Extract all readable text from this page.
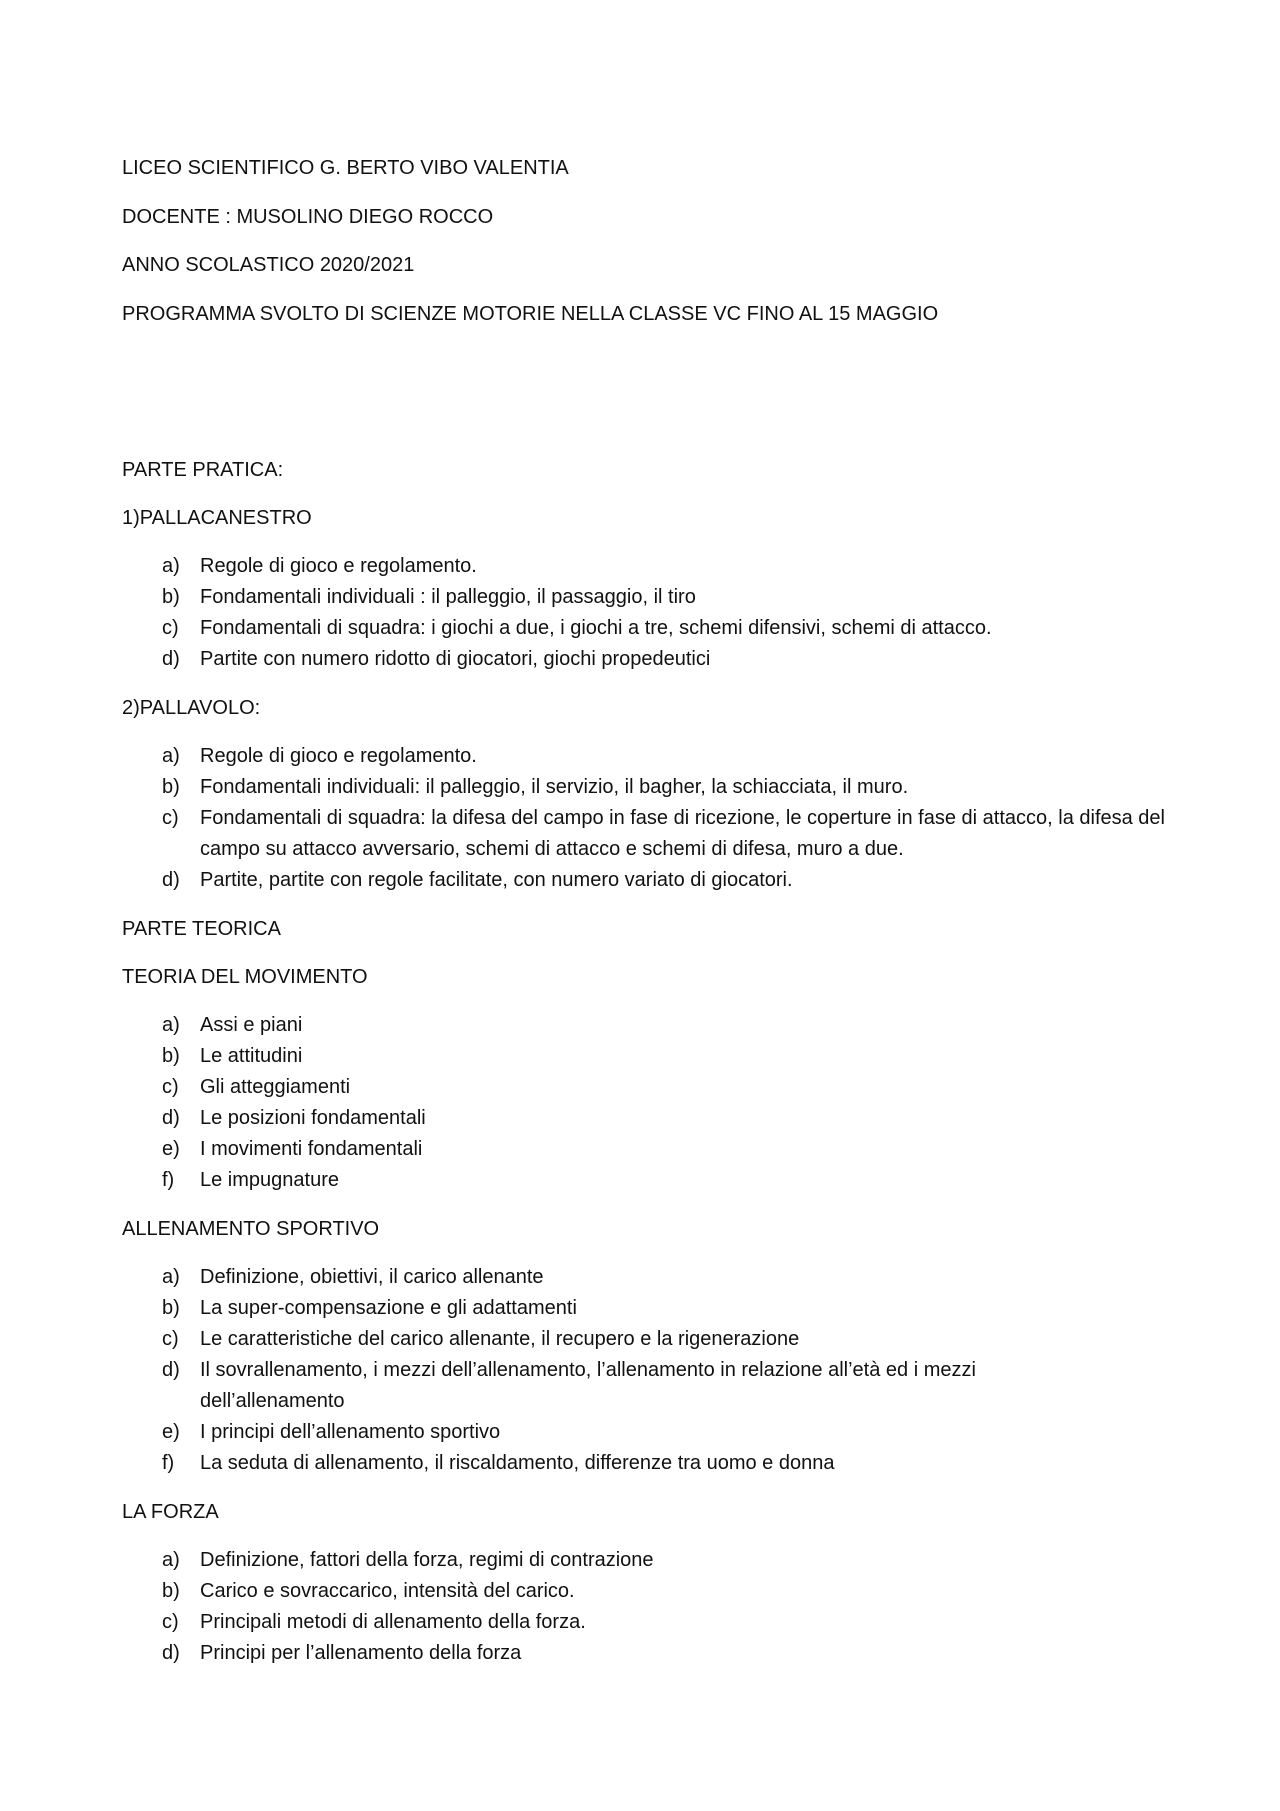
LICEO SCIENTIFICO G. BERTO VIBO VALENTIA

DOCENTE : MUSOLINO DIEGO ROCCO

ANNO SCOLASTICO 2020/2021

PROGRAMMA SVOLTO DI SCIENZE MOTORIE NELLA CLASSE VC FINO AL 15 MAGGIO

PARTE PRATICA:

1)PALLACANESTRO

a) Regole di gioco e regolamento.
b) Fondamentali individuali : il palleggio, il passaggio, il tiro
c) Fondamentali di squadra: i giochi a due, i giochi a tre, schemi difensivi, schemi di attacco.
d) Partite con numero ridotto di giocatori, giochi propedeutici

2)PALLAVOLO:

a) Regole di gioco e regolamento.
b) Fondamentali individuali: il palleggio, il servizio, il bagher, la schiacciata, il muro.
c) Fondamentali di squadra: la difesa del campo in fase di ricezione, le coperture in fase di attacco, la difesa del campo su attacco avversario, schemi di attacco e schemi di difesa, muro a due.
d) Partite, partite con regole facilitate, con numero variato di giocatori.

PARTE TEORICA

TEORIA DEL MOVIMENTO

a) Assi e piani
b) Le attitudini
c) Gli atteggiamenti
d) Le posizioni fondamentali
e) I movimenti fondamentali
f) Le impugnature

ALLENAMENTO SPORTIVO

a) Definizione, obiettivi, il carico allenante
b) La super-compensazione e gli adattamenti
c) Le caratteristiche del carico allenante, il recupero e la rigenerazione
d) Il sovrallenamento, i mezzi dell’allenamento, l’allenamento in relazione all’età ed i mezzi dell’allenamento
e) I principi dell’allenamento sportivo
f) La seduta di allenamento, il riscaldamento, differenze tra uomo e donna

LA FORZA

a) Definizione, fattori della forza, regimi di contrazione
b) Carico e sovraccarico, intensità del carico.
c) Principali metodi di allenamento della forza.
d) Principi per l’allenamento della forza
